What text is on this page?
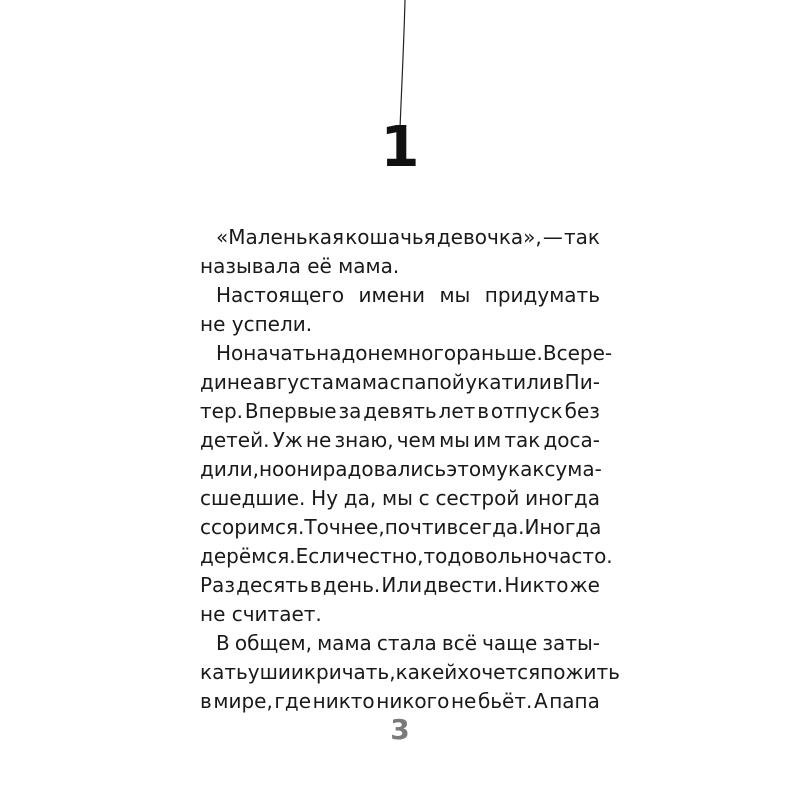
1
«Маленькая кошачья девочка», — так
называла её мама.
Настоящего имени мы придумать
не успели.
Но начать надо немного раньше. В сере-
дине августа мама с папой укатили в Пи-
тер. Впервые за девять лет в отпуск без
детей. Уж не знаю, чем мы им так доса-
дили, но они радовались этому как сума-
сшедшие. Ну да, мы с сестрой иногда
ссоримся. Точнее, почти всегда. Иногда
дерёмся. Если честно, то довольно часто.
Раз десять в день. Или двести. Никто же
не считает.
В общем, мама стала всё чаще заты-
кать уши и кричать, как ей хочется пожить
в мире, где никто никого не бьёт. А папа
3
